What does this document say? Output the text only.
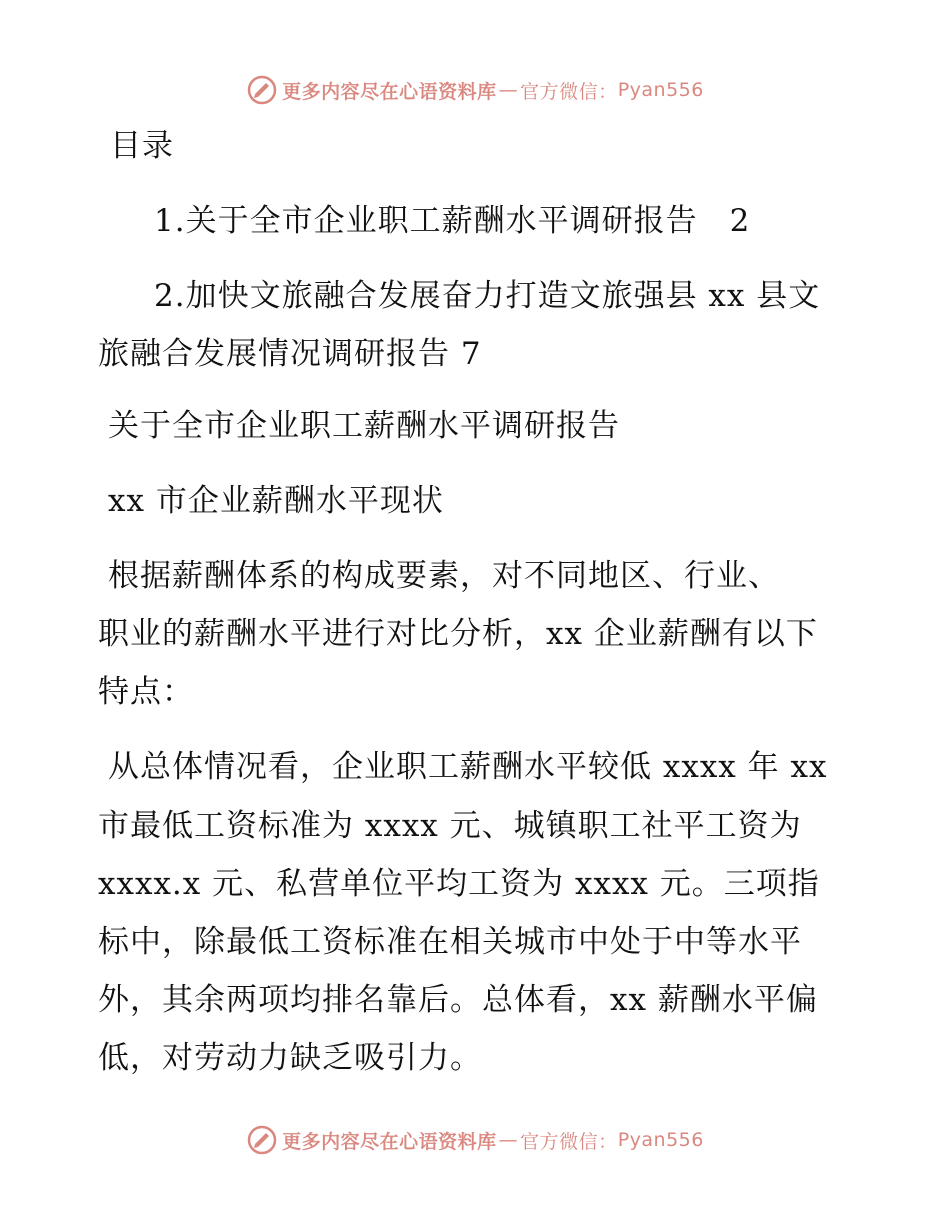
更多内容尽在心语资料库 — 官方微信： Pyan556
目录
1.关于全市企业职工薪酬水平调研报告　2
2.加快文旅融合发展奋力打造文旅强县 xx 县文
旅融合发展情况调研报告 7
关于全市企业职工薪酬水平调研报告
xx 市企业薪酬水平现状
根据薪酬体系的构成要素，对不同地区、行业、
职业的薪酬水平进行对比分析，xx 企业薪酬有以下
特点：
从总体情况看，企业职工薪酬水平较低 xxxx 年 xx
市最低工资标准为 xxxx 元、城镇职工社平工资为
xxxx.x 元、私营单位平均工资为 xxxx 元。三项指
标中，除最低工资标准在相关城市中处于中等水平
外，其余两项均排名靠后。总体看，xx 薪酬水平偏
低，对劳动力缺乏吸引力。
更多内容尽在心语资料库 — 官方微信： Pyan556
